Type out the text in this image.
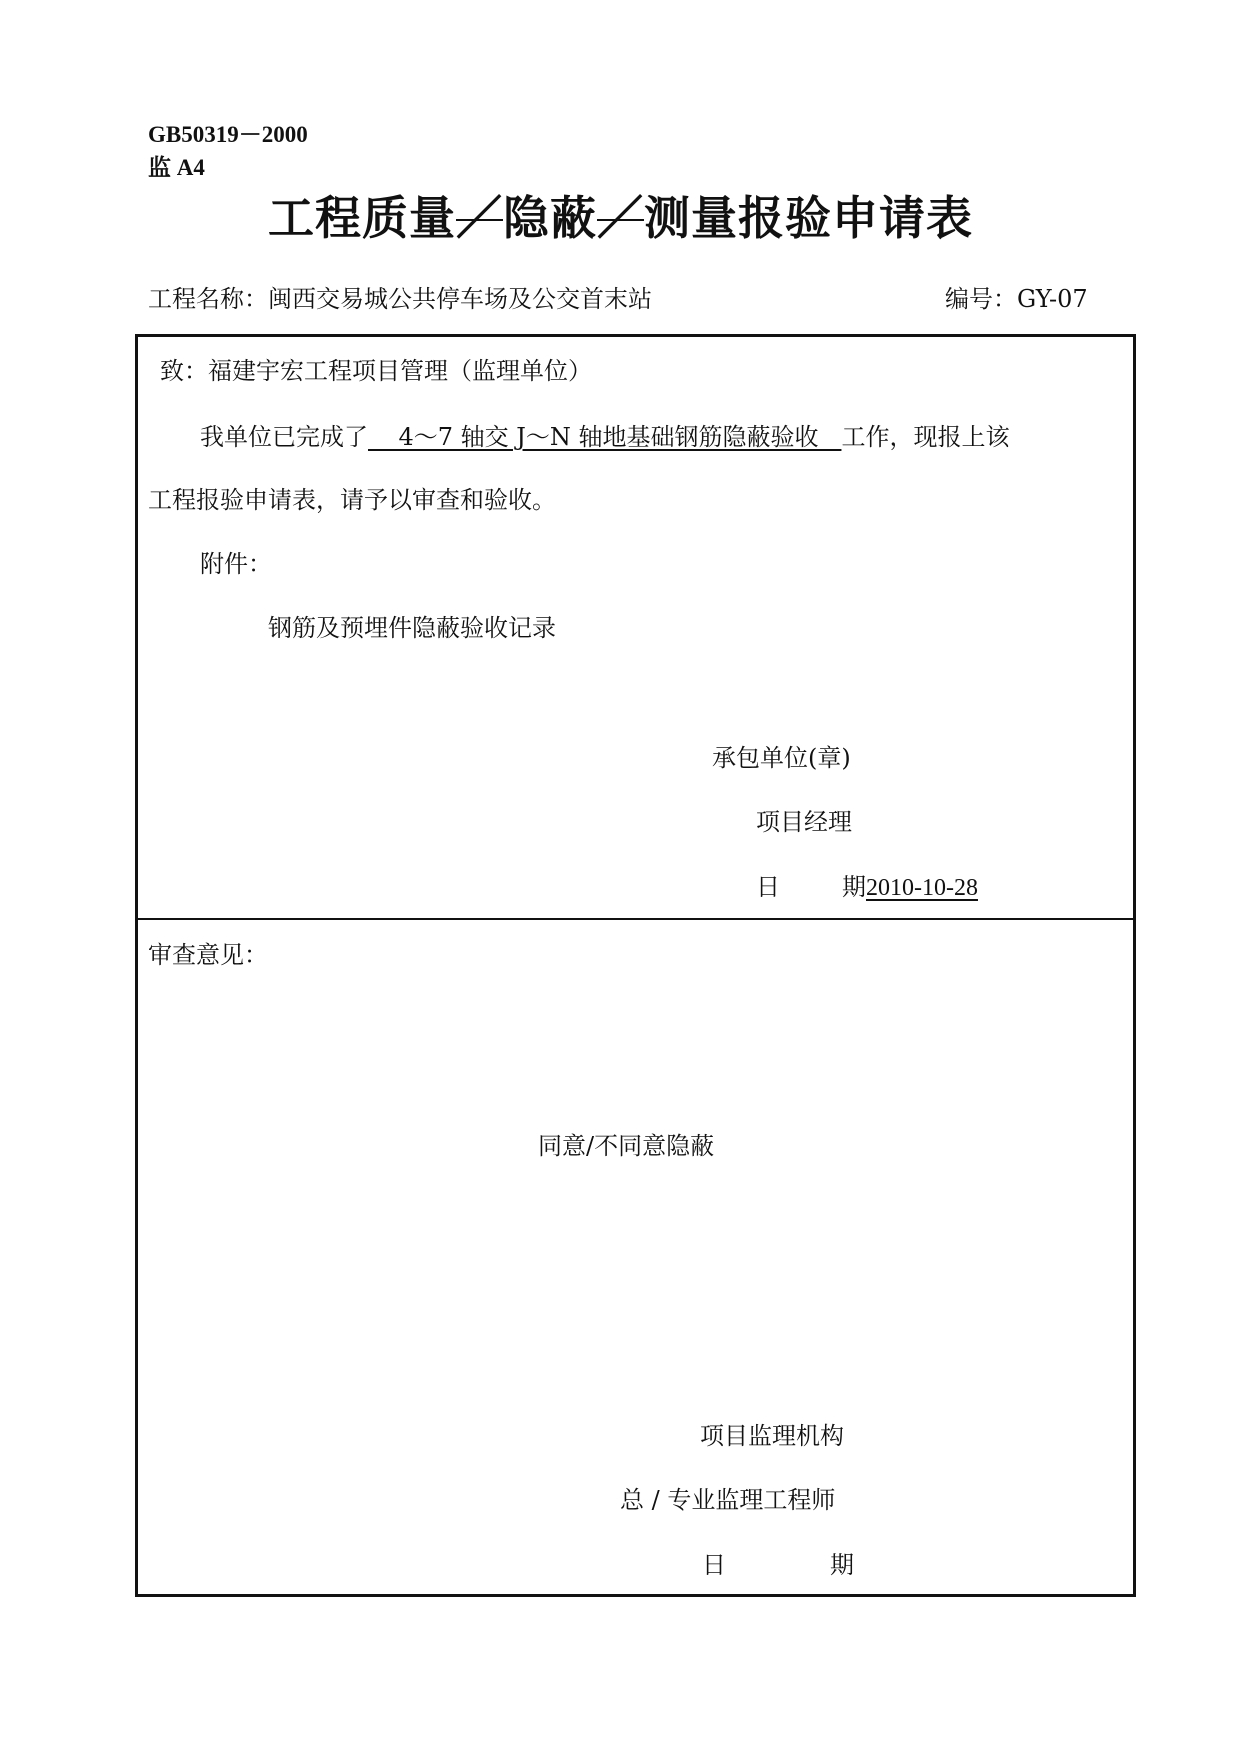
GB50319－2000
监 A4
工程质量／隐蔽／测量报验申请表
工程名称：闽西交易城公共停车场及公交首末站	编号：GY-07
致：福建宇宏工程项目管理（监理单位）
我单位已完成了    4～7 轴交 J～N 轴地基础钢筋隐蔽验收   工作，现报上该
工程报验申请表，请予以审查和验收。
附件：
钢筋及预埋件隐蔽验收记录
承包单位(章)
项目经理
日	期2010-10-28
审查意见：
同意/不同意隐蔽
项目监理机构
总 / 专业监理工程师
日	期
